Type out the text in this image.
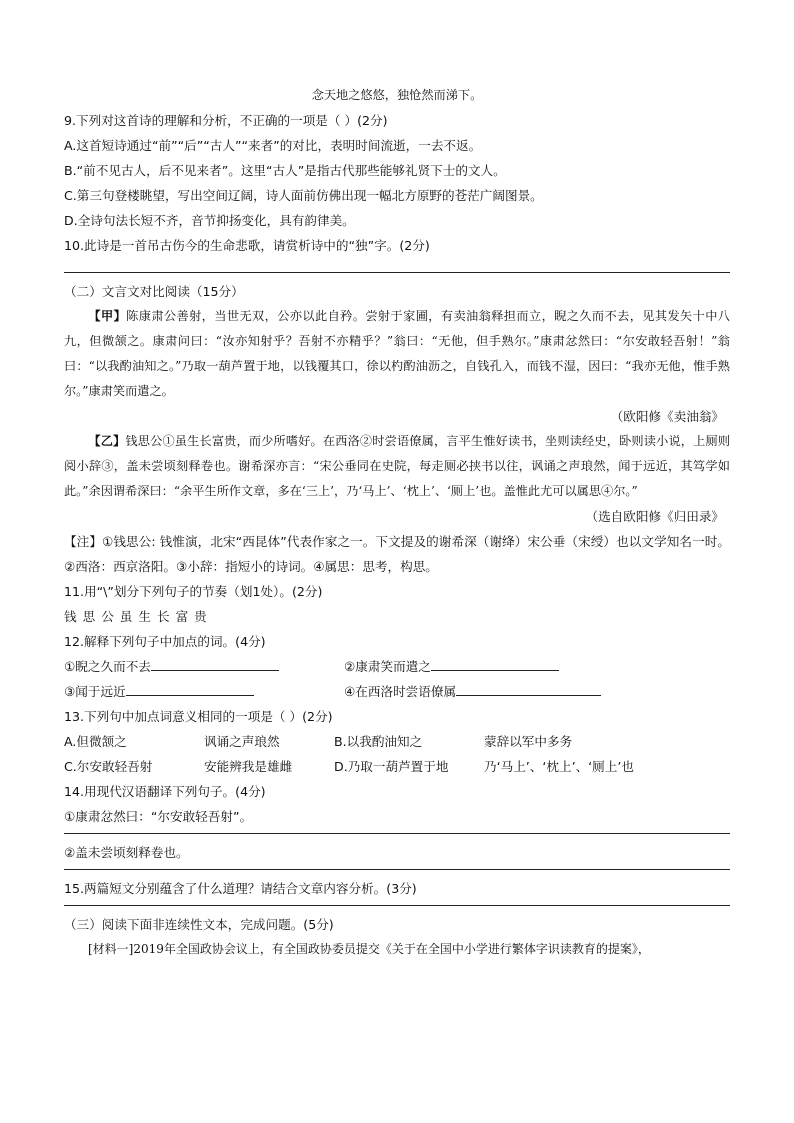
念天地之悠悠，独怆然而涕下。
9.下列对这首诗的理解和分析，不正确的一项是（ ）(2分)
A.这首短诗通过“前”“后”“古人”“来者”的对比，表明时间流逝，一去不返。
B.“前不见古人，后不见来者”。这里“古人”是指古代那些能够礼贤下士的文人。
C.第三句登楼眺望，写出空间辽阔，诗人面前仿佛出现一幅北方原野的苍茫广阔图景。
D.全诗句法长短不齐，音节抑扬变化，具有韵律美。
10.此诗是一首吊古伤今的生命悲歌，请赏析诗中的“独”字。(2分)
（二）文言文对比阅读（15分）
【甲】陈康肃公善射，当世无双，公亦以此自矜。尝射于家圃，有卖油翁释担而立，睨之久而不去，见其发矢十中八九，但微颔之。康肃问曰：“汝亦知射乎？吾射不亦精乎？”翁曰：“无他，但手熟尔。”康肃忿然曰：“尔安敢轻吾射！”翁曰：“以我酌油知之。”乃取一葫芦置于地，以钱覆其口，徐以杓酌油沥之，自钱孔入，而钱不湿，因曰：“我亦无他，惟手熟尔。”康肃笑而遣之。
（欧阳修《卖油翁》
【乙】钱思公①虽生长富贵，而少所嗜好。在西洛②时尝语僚属，言平生惟好读书，坐则读经史，卧则读小说，上厕则阅小辞③，盖未尝顷刻释卷也。谢希深亦言：“宋公垂同在史院，每走厕必挟书以往，讽诵之声琅然，闻于远近，其笃学如此。”余因谓希深曰：“余平生所作文章，多在‘三上’，乃‘马上’、‘枕上’、‘厕上’也。盖惟此尤可以属思④尔。”
（选自欧阳修《归田录》
【注】①钱思公: 钱惟演，北宋“西昆体”代表作家之一。下文提及的谢希深（谢绛）宋公垂（宋绶）也以文学知名一时。②西洛：西京洛阳。③小辞：指短小的诗词。④属思：思考，构思。
11.用“\”划分下列句子的节奏（划1处）。(2分)
钱思公虽生长富贵
12.解释下列句子中加点的词。(4分)
①睨之久而不去	②康肃笑而遣之
③闻于远近	④在西洛时尝语僚属
13.下列句中加点词意义相同的一项是（ ）(2分)
A.但微颔之	讽诵之声琅然	B.以我酌油知之	蒙辞以军中多务
C.尔安敢轻吾射	安能辨我是雄雌	D.乃取一葫芦置于地	乃‘马上’、‘枕上’、‘厕上’也
14.用现代汉语翻译下列句子。(4分)
①康肃忿然曰：“尔安敢轻吾射”。
②盖未尝顷刻释卷也。
15.两篇短文分别蕴含了什么道理？请结合文章内容分析。(3分)
（三）阅读下面非连续性文本，完成问题。(5分)
[材料一]2019年全国政协会议上，有全国政协委员提交《关于在全国中小学进行繁体字识读教育的提案》，
